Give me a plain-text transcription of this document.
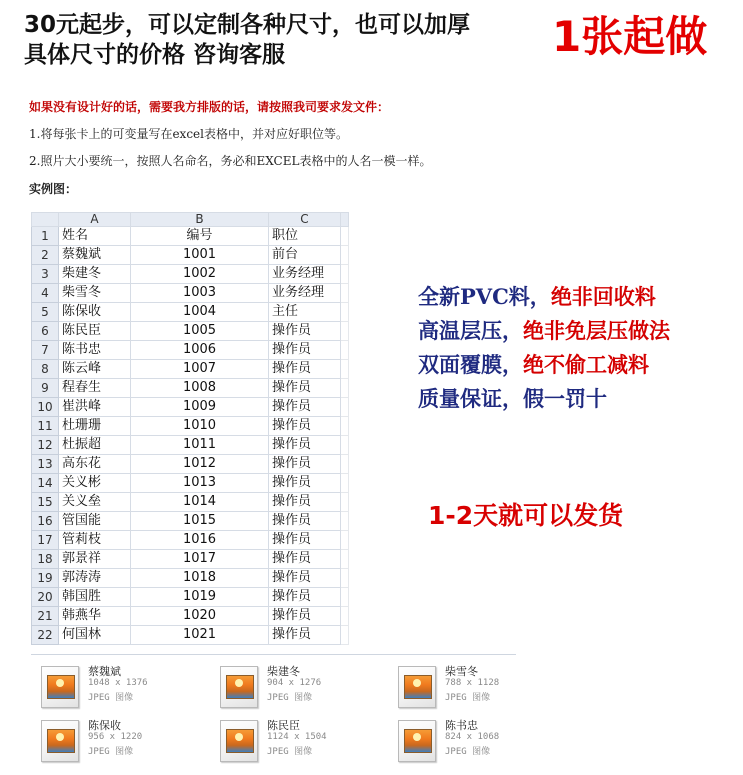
30元起步，可以定制各种尺寸，也可以加厚
具体尺寸的价格 咨询客服	1张起做
如果没有设计好的话，需要我方排版的话，请按照我司要求发文件：
1.将每张卡上的可变量写在excel表格中，并对应好职位等。
2.照片大小要统一，按照人名命名，务必和EXCEL表格中的人名一模一样。
实例图：
	A	B	C	
1	姓名	编号	职位	
2	蔡魏斌	1001	前台	
3	柴建冬	1002	业务经理	
4	柴雪冬	1003	业务经理	
5	陈保收	1004	主任	
6	陈民臣	1005	操作员	
7	陈书忠	1006	操作员	
8	陈云峰	1007	操作员	
9	程春生	1008	操作员	
10	崔洪峰	1009	操作员	
11	杜珊珊	1010	操作员	
12	杜振超	1011	操作员	
13	高东花	1012	操作员	
14	关义彬	1013	操作员	
15	关义垒	1014	操作员	
16	管国能	1015	操作员	
17	管莉枝	1016	操作员	
18	郭景祥	1017	操作员	
19	郭涛涛	1018	操作员	
20	韩国胜	1019	操作员	
21	韩燕华	1020	操作员	
22	何国林	1021	操作员	
全新PVC料，绝非回收料
高温层压，绝非免层压做法
双面覆膜，绝不偷工减料
质量保证，假一罚十
1-2天就可以发货
蔡魏斌
1048 x 1376
JPEG 图像
柴建冬
904 x 1276
JPEG 图像
柴雪冬
788 x 1128
JPEG 图像
陈保收
956 x 1220
JPEG 图像
陈民臣
1124 x 1504
JPEG 图像
陈书忠
824 x 1068
JPEG 图像
